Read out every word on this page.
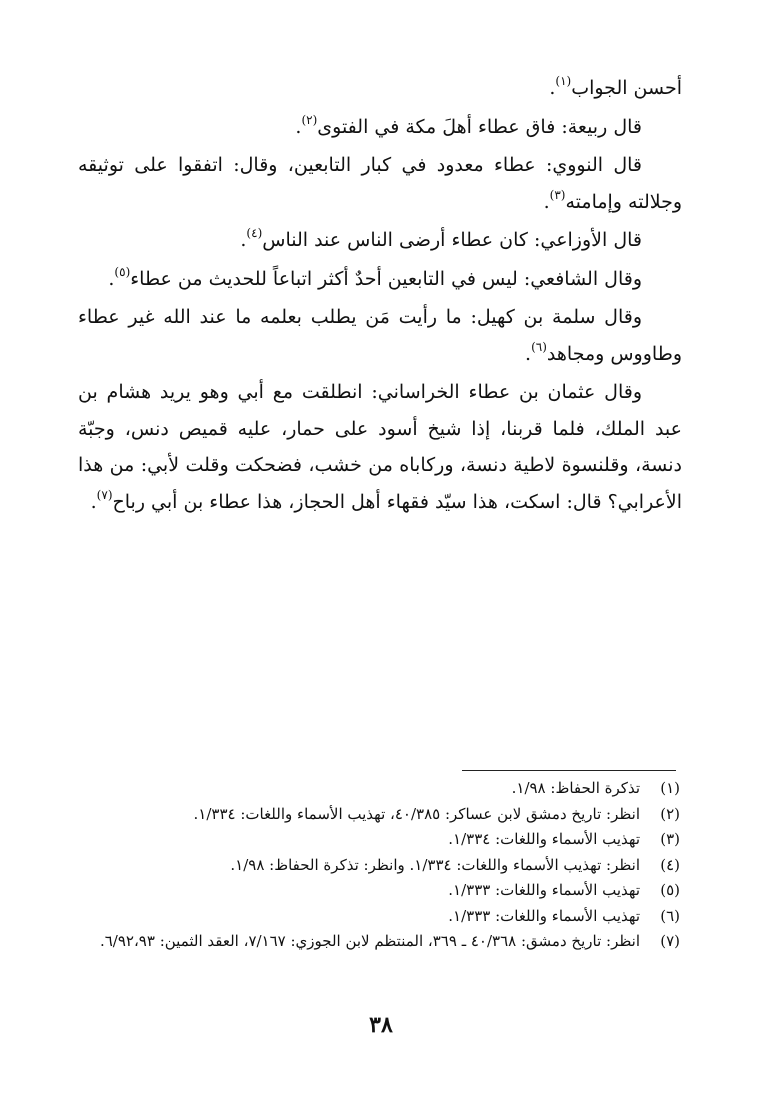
أحسن الجواب$^{(١)}$.

قال ربيعة: فاق عطاء أهلَ مكة في الفتوى$^{(٢)}$.

قال النووي: عطاء معدود في كبار التابعين، وقال: اتفقوا على توثيقه وجلالته وإمامته$^{(٣)}$.

قال الأوزاعي: كان عطاء أرضى الناس عند الناس$^{(٤)}$.

وقال الشافعي: ليس في التابعين أحدٌ أكثر اتباعاً للحديث من عطاء$^{(٥)}$.

وقال سلمة بن كهيل: ما رأيت مَن يطلب بعلمه ما عند الله غير عطاء وطاووس ومجاهد$^{(٦)}$.

وقال عثمان بن عطاء الخراساني: انطلقت مع أبي وهو يريد هشام بن عبد الملك، فلما قربنا، إذا شيخ أسود على حمار، عليه قميص دنس، وجبّة دنسة، وقلنسوة لاطية دنسة، وركاباه من خشب، فضحكت وقلت لأبي: من هذا الأعرابي؟ قال: اسكت، هذا سيّد فقهاء أهل الحجاز، هذا عطاء بن أبي رباح$^{(٧)}$.

(١)
تذكرة الحفاظ: ١/٩٨.
(٢)
انظر: تاريخ دمشق لابن عساكر: ٤٠/٣٨٥، تهذيب الأسماء واللغات: ١/٣٣٤.
(٣)
تهذيب الأسماء واللغات: ١/٣٣٤.
(٤)
انظر: تهذيب الأسماء واللغات: ١/٣٣٤. وانظر: تذكرة الحفاظ: ١/٩٨.
(٥)
تهذيب الأسماء واللغات: ١/٣٣٣.
(٦)
تهذيب الأسماء واللغات: ١/٣٣٣.
(٧)
انظر: تاريخ دمشق: ٤٠/٣٦٨ ـ ٣٦٩، المنتظم لابن الجوزي: ٧/١٦٧، العقد الثمين: ٦/٩٢،٩٣.
٣٨
